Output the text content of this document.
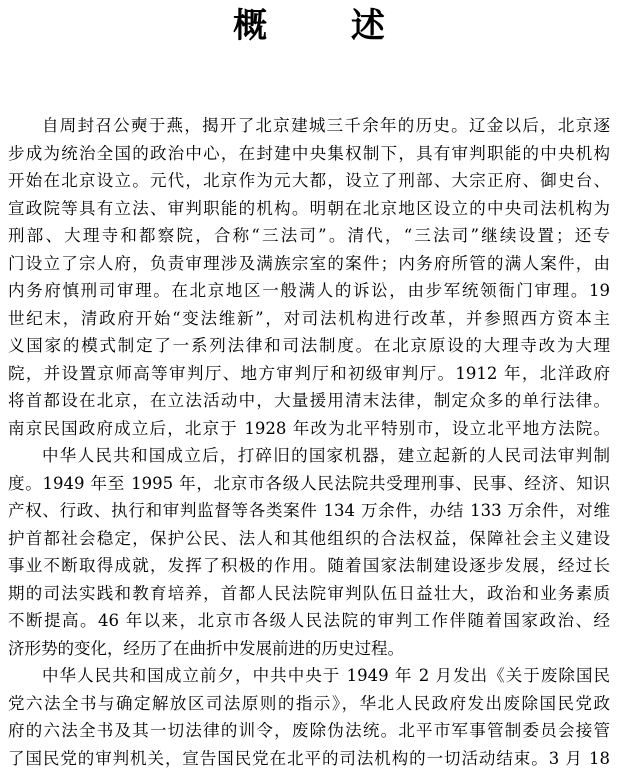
概 述
自周封召公奭于燕，揭开了北京建城三千余年的历史。辽金以后，北京逐
步成为统治全国的政治中心，在封建中央集权制下，具有审判职能的中央机构
开始在北京设立。元代，北京作为元大都，设立了刑部、大宗正府、御史台、
宣政院等具有立法、审判职能的机构。明朝在北京地区设立的中央司法机构为
刑部、大理寺和都察院，合称“三法司”。清代，“三法司”继续设置；还专
门设立了宗人府，负责审理涉及满族宗室的案件；内务府所管的满人案件，由
内务府慎刑司审理。在北京地区一般满人的诉讼，由步军统领衙门审理。19
世纪末，清政府开始“变法维新”，对司法机构进行改革，并参照西方资本主
义国家的模式制定了一系列法律和司法制度。在北京原设的大理寺改为大理
院，并设置京师高等审判厅、地方审判厅和初级审判厅。1912 年，北洋政府
将首都设在北京，在立法活动中，大量援用清末法律，制定众多的单行法律。
南京民国政府成立后，北京于 1928 年改为北平特别市，设立北平地方法院。
中华人民共和国成立后，打碎旧的国家机器，建立起新的人民司法审判制
度。1949 年至 1995 年，北京市各级人民法院共受理刑事、民事、经济、知识
产权、行政、执行和审判监督等各类案件 134 万余件，办结 133 万余件，对维
护首都社会稳定，保护公民、法人和其他组织的合法权益，保障社会主义建设
事业不断取得成就，发挥了积极的作用。随着国家法制建设逐步发展，经过长
期的司法实践和教育培养，首都人民法院审判队伍日益壮大，政治和业务素质
不断提高。46 年以来，北京市各级人民法院的审判工作伴随着国家政治、经
济形势的变化，经历了在曲折中发展前进的历史过程。
中华人民共和国成立前夕，中共中央于 1949 年 2 月发出《关于废除国民
党六法全书与确定解放区司法原则的指示》，华北人民政府发出废除国民党政
府的六法全书及其一切法律的训令，废除伪法统。北平市军事管制委员会接管
了国民党的审判机关，宣告国民党在北平的司法机构的一切活动结束。3 月 18
